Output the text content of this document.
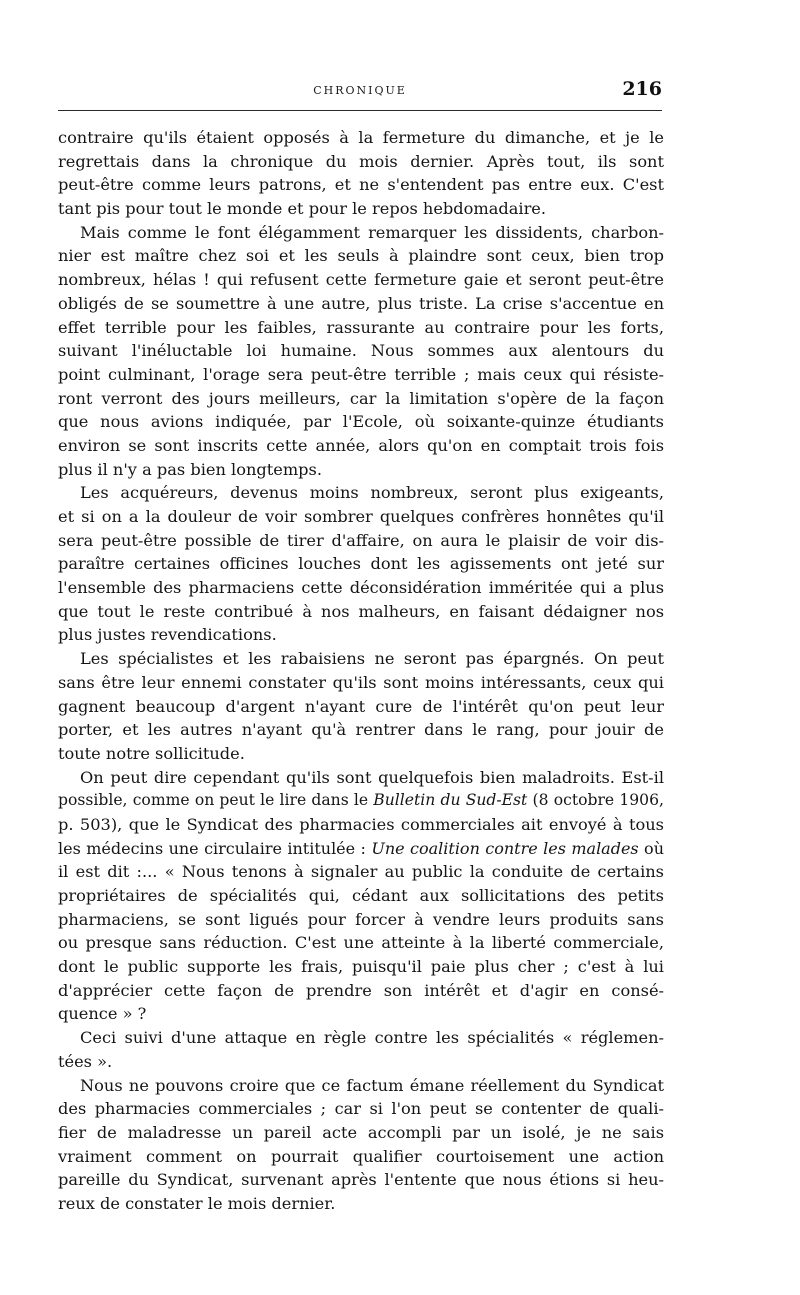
CHRONIQUE	216
contraire qu'ils étaient opposés à la fermeture du dimanche, et je le
regrettais dans la chronique du mois dernier. Après tout, ils sont
peut-être comme leurs patrons, et ne s'entendent pas entre eux. C'est
tant pis pour tout le monde et pour le repos hebdomadaire.
Mais comme le font élégamment remarquer les dissidents, charbon-
nier est maître chez soi et les seuls à plaindre sont ceux, bien trop
nombreux, hélas ! qui refusent cette fermeture gaie et seront peut-être
obligés de se soumettre à une autre, plus triste. La crise s'accentue en
effet terrible pour les faibles, rassurante au contraire pour les forts,
suivant l'inéluctable loi humaine. Nous sommes aux alentours du
point culminant, l'orage sera peut-être terrible ; mais ceux qui résiste-
ront verront des jours meilleurs, car la limitation s'opère de la façon
que nous avions indiquée, par l'Ecole, où soixante-quinze étudiants
environ se sont inscrits cette année, alors qu'on en comptait trois fois
plus il n'y a pas bien longtemps.
Les acquéreurs, devenus moins nombreux, seront plus exigeants,
et si on a la douleur de voir sombrer quelques confrères honnêtes qu'il
sera peut-être possible de tirer d'affaire, on aura le plaisir de voir dis-
paraître certaines officines louches dont les agissements ont jeté sur
l'ensemble des pharmaciens cette déconsidération imméritée qui a plus
que tout le reste contribué à nos malheurs, en faisant dédaigner nos
plus justes revendications.
Les spécialistes et les rabaisiens ne seront pas épargnés. On peut
sans être leur ennemi constater qu'ils sont moins intéressants, ceux qui
gagnent beaucoup d'argent n'ayant cure de l'intérêt qu'on peut leur
porter, et les autres n'ayant qu'à rentrer dans le rang, pour jouir de
toute notre sollicitude.
On peut dire cependant qu'ils sont quelquefois bien maladroits. Est-il
possible, comme on peut le lire dans le Bulletin du Sud-Est (8 octobre 1906,
p. 503), que le Syndicat des pharmacies commerciales ait envoyé à tous
les médecins une circulaire intitulée : Une coalition contre les malades où
il est dit :... « Nous tenons à signaler au public la conduite de certains
propriétaires de spécialités qui, cédant aux sollicitations des petits
pharmaciens, se sont ligués pour forcer à vendre leurs produits sans
ou presque sans réduction. C'est une atteinte à la liberté commerciale,
dont le public supporte les frais, puisqu'il paie plus cher ; c'est à lui
d'apprécier cette façon de prendre son intérêt et d'agir en consé-
quence » ?
Ceci suivi d'une attaque en règle contre les spécialités « réglemen-
tées ».
Nous ne pouvons croire que ce factum émane réellement du Syndicat
des pharmacies commerciales ; car si l'on peut se contenter de quali-
fier de maladresse un pareil acte accompli par un isolé, je ne sais
vraiment comment on pourrait qualifier courtoisement une action
pareille du Syndicat, survenant après l'entente que nous étions si heu-
reux de constater le mois dernier.
